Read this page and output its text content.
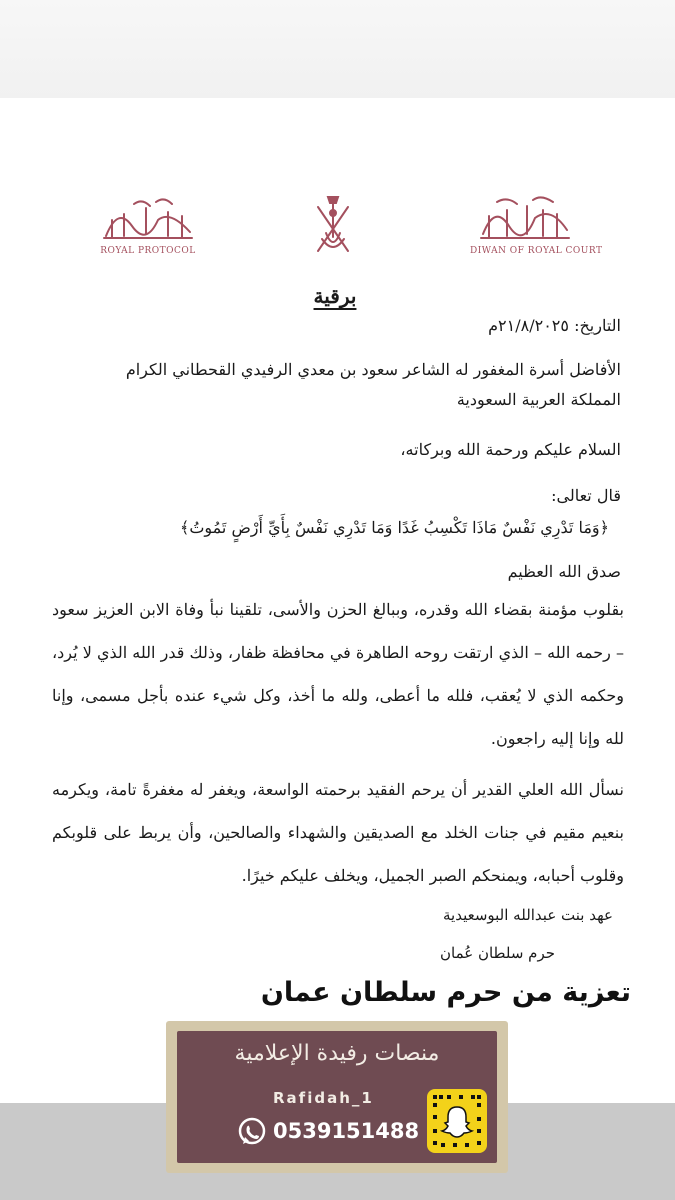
ROYAL PROTOCOL	DIWAN OF ROYAL COURT
برقية
التاريخ: ٢١/٨/٢٠٢٥م
الأفاضل أسرة المغفور له الشاعر سعود بن معدي الرفيدي القحطاني الكرام
المملكة العربية السعودية
السلام عليكم ورحمة الله وبركاته،
قال تعالى:
﴿وَمَا تَدْرِي نَفْسٌ مَاذَا تَكْسِبُ غَدًا وَمَا تَدْرِي نَفْسٌ بِأَيِّ أَرْضٍ تَمُوتُ﴾
صدق الله العظيم
بقلوب مؤمنة بقضاء الله وقدره، وببالغ الحزن والأسى، تلقينا نبأ وفاة الابن العزيز سعود – رحمه الله – الذي ارتقت روحه الطاهرة في محافظة ظفار، وذلك قدر الله الذي لا يُرد، وحكمه الذي لا يُعقب، فلله ما أعطى، ولله ما أخذ، وكل شيء عنده بأجل مسمى، وإنا لله وإنا إليه راجعون.
نسأل الله العلي القدير أن يرحم الفقيد برحمته الواسعة، ويغفر له مغفرةً تامة، ويكرمه بنعيم مقيم في جنات الخلد مع الصديقين والشهداء والصالحين، وأن يربط على قلوبكم وقلوب أحبابه، ويمنحكم الصبر الجميل، ويخلف عليكم خيرًا.
عهد بنت عبدالله البوسعيدية
حرم سلطان عُمان
تعزية من حرم سلطان عمان
منصات رفيدة الإعلامية
Rafidah_1
0539151488
